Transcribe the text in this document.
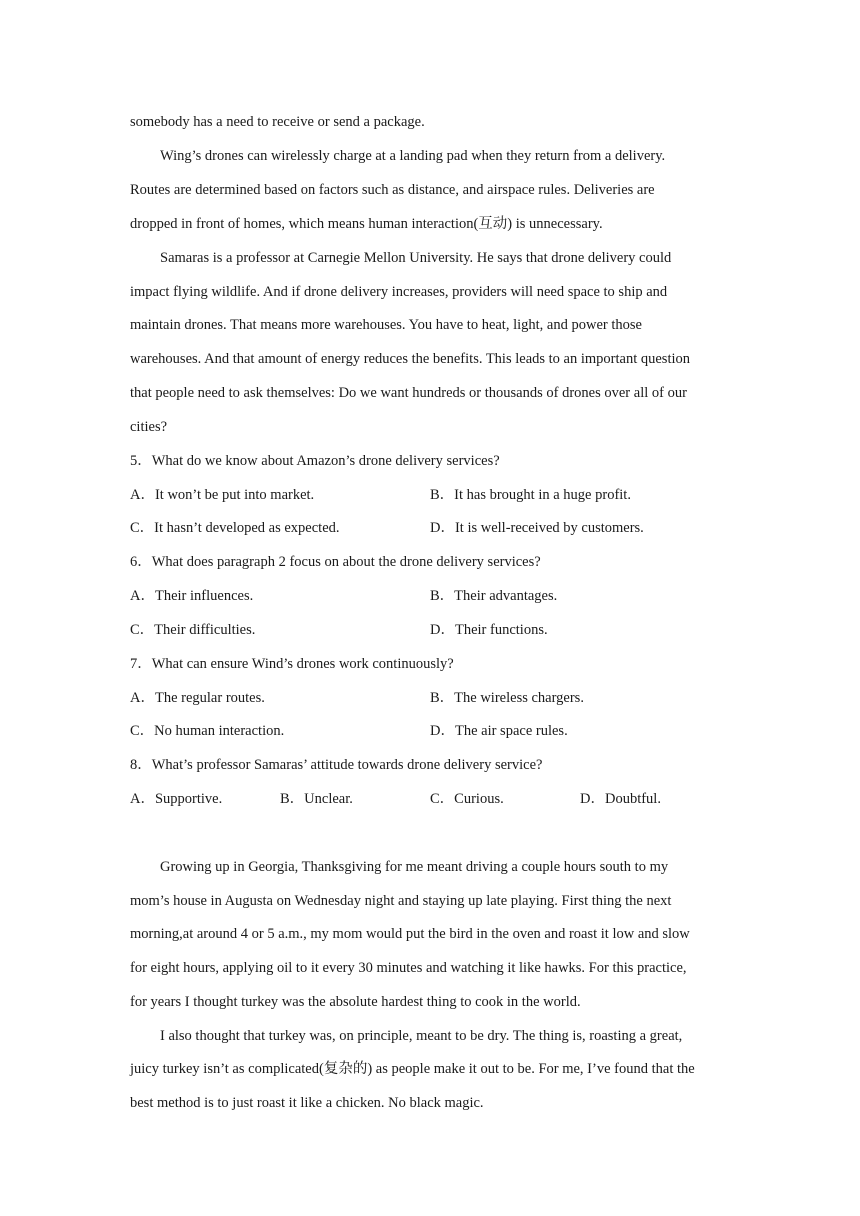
somebody has a need to receive or send a package.
Wing’s drones can wirelessly charge at a landing pad when they return from a delivery.
Routes are determined based on factors such as distance, and airspace rules. Deliveries are
dropped in front of homes, which means human interaction(互动) is unnecessary.
Samaras is a professor at Carnegie Mellon University. He says that drone delivery could
impact flying wildlife. And if drone delivery increases, providers will need space to ship and
maintain drones. That means more warehouses. You have to heat, light, and power those
warehouses. And that amount of energy reduces the benefits. This leads to an important question
that people need to ask themselves: Do we want hundreds or thousands of drones over all of our
cities?
5．What do we know about Amazon’s drone delivery services?
A．It won’t be put into market.	B．It has brought in a huge profit.
C．It hasn’t developed as expected.	D．It is well-received by customers.
6．What does paragraph 2 focus on about the drone delivery services?
A．Their influences.	B．Their advantages.
C．Their difficulties.	D．Their functions.
7．What can ensure Wind’s drones work continuously?
A．The regular routes.	B．The wireless chargers.
C．No human interaction.	D．The air space rules.
8．What’s professor Samaras’ attitude towards drone delivery service?
A．Supportive.	B．Unclear.	C．Curious.	D．Doubtful.
Growing up in Georgia, Thanksgiving for me meant driving a couple hours south to my
mom’s house in Augusta on Wednesday night and staying up late playing. First thing the next
morning,at around 4 or 5 a.m., my mom would put the bird in the oven and roast it low and slow
for eight hours, applying oil to it every 30 minutes and watching it like hawks. For this practice,
for years I thought turkey was the absolute hardest thing to cook in the world.
I also thought that turkey was, on principle, meant to be dry. The thing is, roasting a great,
juicy turkey isn’t as complicated(复杂的) as people make it out to be. For me, I’ve found that the
best method is to just roast it like a chicken. No black magic.
